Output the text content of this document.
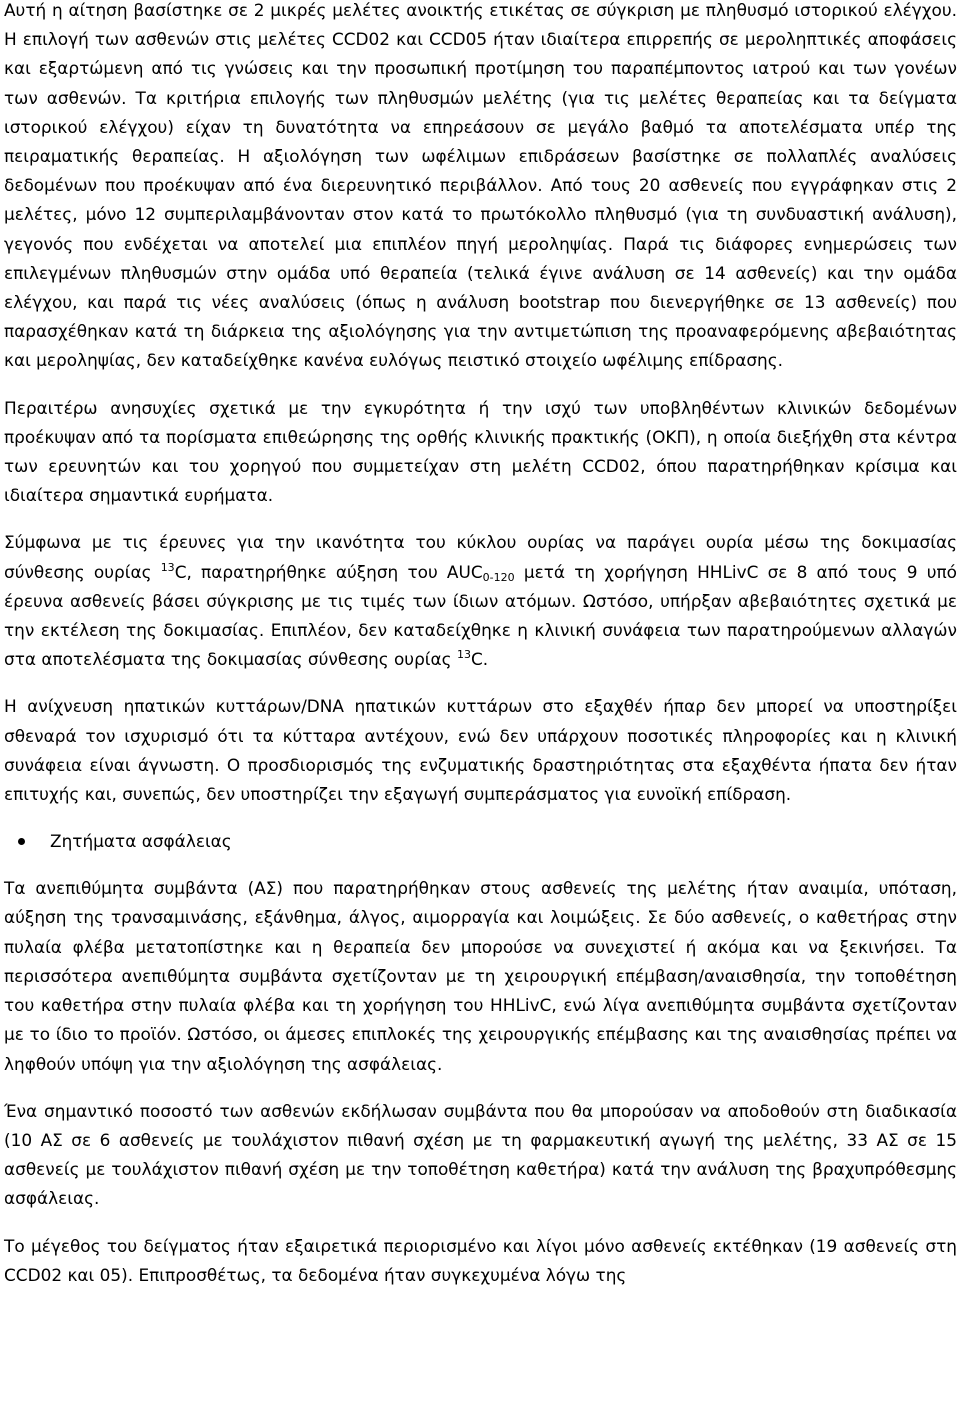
Αυτή η αίτηση βασίστηκε σε 2 μικρές μελέτες ανοικτής ετικέτας σε σύγκριση με πληθυσμό ιστορικού ελέγχου. Η επιλογή των ασθενών στις μελέτες CCD02 και CCD05 ήταν ιδιαίτερα επιρρεπής σε μεροληπτικές αποφάσεις και εξαρτώμενη από τις γνώσεις και την προσωπική προτίμηση του παραπέμποντος ιατρού και των γονέων των ασθενών. Τα κριτήρια επιλογής των πληθυσμών μελέτης (για τις μελέτες θεραπείας και τα δείγματα ιστορικού ελέγχου) είχαν τη δυνατότητα να επηρεάσουν σε μεγάλο βαθμό τα αποτελέσματα υπέρ της πειραματικής θεραπείας. Η αξιολόγηση των ωφέλιμων επιδράσεων βασίστηκε σε πολλαπλές αναλύσεις δεδομένων που προέκυψαν από ένα διερευνητικό περιβάλλον. Από τους 20 ασθενείς που εγγράφηκαν στις 2 μελέτες, μόνο 12 συμπεριλαμβάνονταν στον κατά το πρωτόκολλο πληθυσμό (για τη συνδυαστική ανάλυση), γεγονός που ενδέχεται να αποτελεί μια επιπλέον πηγή μεροληψίας. Παρά τις διάφορες ενημερώσεις των επιλεγμένων πληθυσμών στην ομάδα υπό θεραπεία (τελικά έγινε ανάλυση σε 14 ασθενείς) και την ομάδα ελέγχου, και παρά τις νέες αναλύσεις (όπως η ανάλυση bootstrap που διενεργήθηκε σε 13 ασθενείς) που παρασχέθηκαν κατά τη διάρκεια της αξιολόγησης για την αντιμετώπιση της προαναφερόμενης αβεβαιότητας και μεροληψίας, δεν καταδείχθηκε κανένα ευλόγως πειστικό στοιχείο ωφέλιμης επίδρασης.

Περαιτέρω ανησυχίες σχετικά με την εγκυρότητα ή την ισχύ των υποβληθέντων κλινικών δεδομένων προέκυψαν από τα πορίσματα επιθεώρησης της ορθής κλινικής πρακτικής (ΟΚΠ), η οποία διεξήχθη στα κέντρα των ερευνητών και του χορηγού που συμμετείχαν στη μελέτη CCD02, όπου παρατηρήθηκαν κρίσιμα και ιδιαίτερα σημαντικά ευρήματα.

Σύμφωνα με τις έρευνες για την ικανότητα του κύκλου ουρίας να παράγει ουρία μέσω της δοκιμασίας σύνθεσης ουρίας $^{13}$C, παρατηρήθηκε αύξηση του $AUC_{0-120}$ μετά τη χορήγηση HHLivC σε 8 από τους 9 υπό έρευνα ασθενείς βάσει σύγκρισης με τις τιμές των ίδιων ατόμων. Ωστόσο, υπήρξαν αβεβαιότητες σχετικά με την εκτέλεση της δοκιμασίας. Επιπλέον, δεν καταδείχθηκε η κλινική συνάφεια των παρατηρούμενων αλλαγών στα αποτελέσματα της δοκιμασίας σύνθεσης ουρίας $^{13}$C.

Η ανίχνευση ηπατικών κυττάρων/DNA ηπατικών κυττάρων στο εξαχθέν ήπαρ δεν μπορεί να υποστηρίξει σθεναρά τον ισχυρισμό ότι τα κύτταρα αντέχουν, ενώ δεν υπάρχουν ποσοτικές πληροφορίες και η κλινική συνάφεια είναι άγνωστη. Ο προσδιορισμός της ενζυματικής δραστηριότητας στα εξαχθέντα ήπατα δεν ήταν επιτυχής και, συνεπώς, δεν υποστηρίζει την εξαγωγή συμπεράσματος για ευνοϊκή επίδραση.

Ζητήματα ασφάλειας

Τα ανεπιθύμητα συμβάντα (ΑΣ) που παρατηρήθηκαν στους ασθενείς της μελέτης ήταν αναιμία, υπόταση, αύξηση της τρανσαμινάσης, εξάνθημα, άλγος, αιμορραγία και λοιμώξεις. Σε δύο ασθενείς, ο καθετήρας στην πυλαία φλέβα μετατοπίστηκε και η θεραπεία δεν μπορούσε να συνεχιστεί ή ακόμα και να ξεκινήσει. Τα περισσότερα ανεπιθύμητα συμβάντα σχετίζονταν με τη χειρουργική επέμβαση/αναισθησία, την τοποθέτηση του καθετήρα στην πυλαία φλέβα και τη χορήγηση του HHLivC, ενώ λίγα ανεπιθύμητα συμβάντα σχετίζονταν με το ίδιο το προϊόν. Ωστόσο, οι άμεσες επιπλοκές της χειρουργικής επέμβασης και της αναισθησίας πρέπει να ληφθούν υπόψη για την αξιολόγηση της ασφάλειας.

Ένα σημαντικό ποσοστό των ασθενών εκδήλωσαν συμβάντα που θα μπορούσαν να αποδοθούν στη διαδικασία (10 ΑΣ σε 6 ασθενείς με τουλάχιστον πιθανή σχέση με τη φαρμακευτική αγωγή της μελέτης, 33 ΑΣ σε 15 ασθενείς με τουλάχιστον πιθανή σχέση με την τοποθέτηση καθετήρα) κατά την ανάλυση της βραχυπρόθεσμης ασφάλειας.

Το μέγεθος του δείγματος ήταν εξαιρετικά περιορισμένο και λίγοι μόνο ασθενείς εκτέθηκαν (19 ασθενείς στη CCD02 και 05). Επιπροσθέτως, τα δεδομένα ήταν συγκεχυμένα λόγω της
